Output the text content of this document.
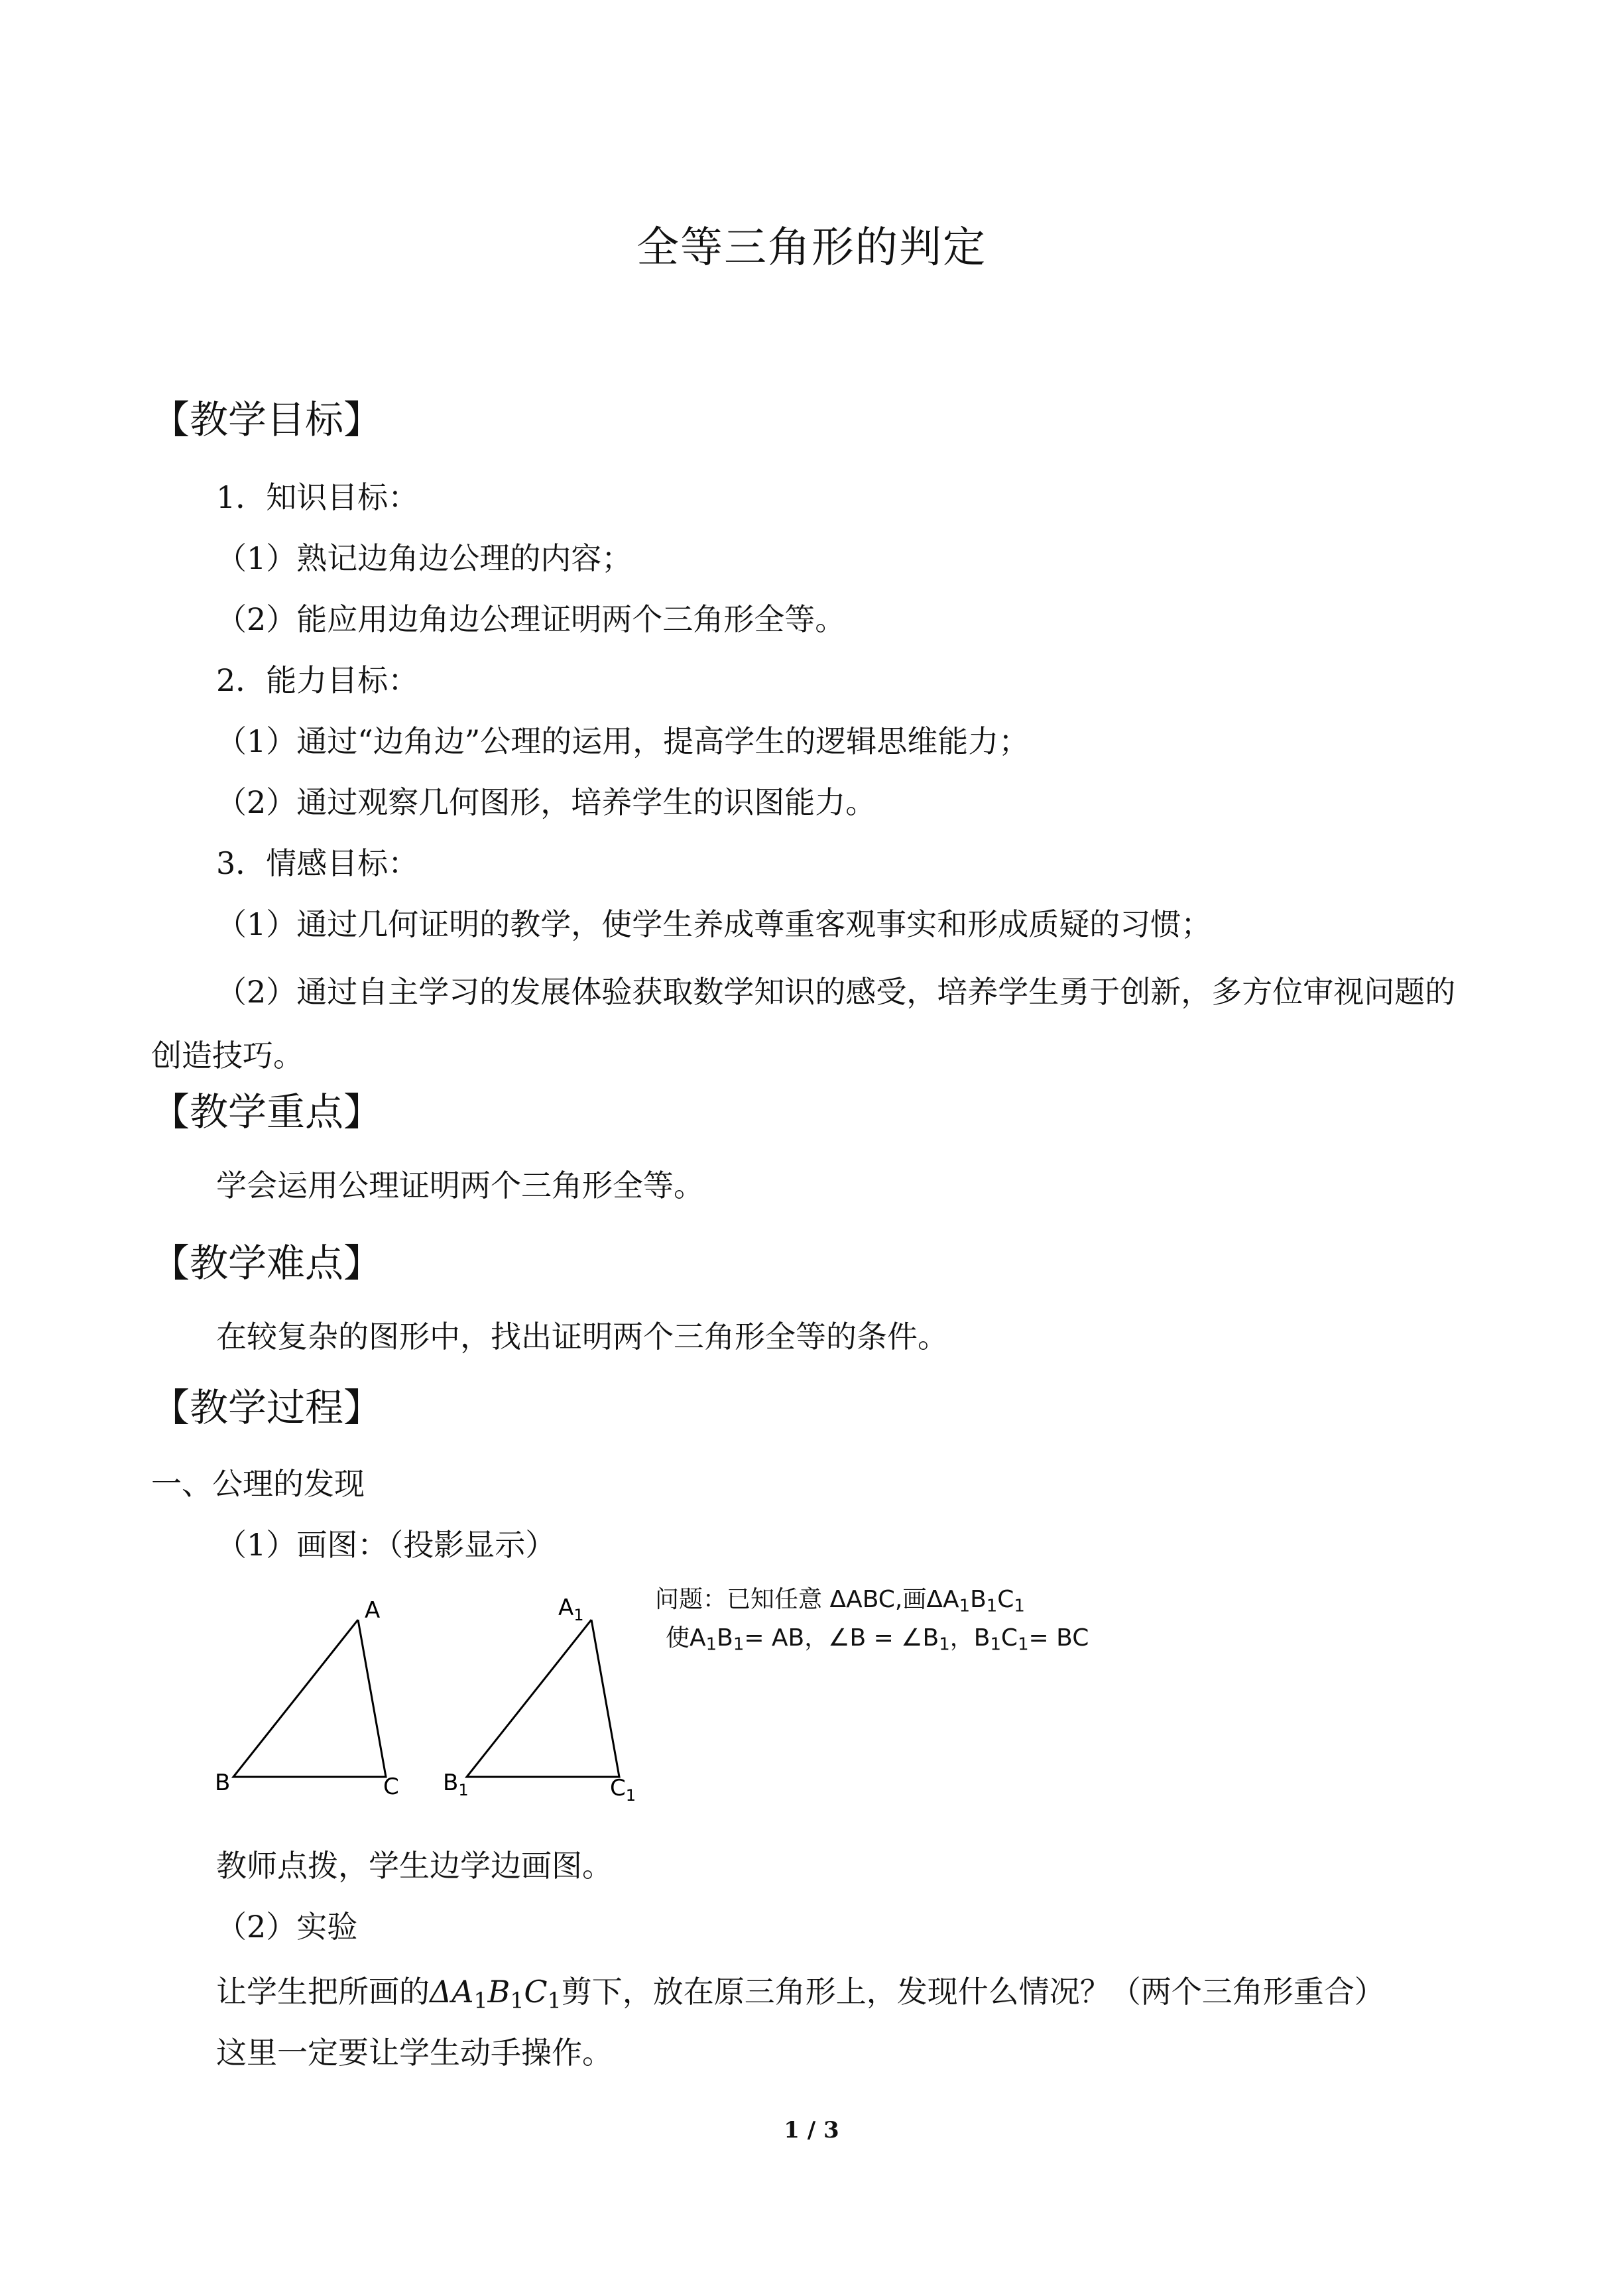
全等三角形的判定
【教学目标】
1．知识目标：
（1）熟记边角边公理的内容；
（2）能应用边角边公理证明两个三角形全等。
2．能力目标：
（1）通过“边角边”公理的运用，提高学生的逻辑思维能力；
（2）通过观察几何图形，培养学生的识图能力。
3．情感目标：
（1）通过几何证明的教学，使学生养成尊重客观事实和形成质疑的习惯；
（2）通过自主学习的发展体验获取数学知识的感受，培养学生勇于创新，多方位审视问题的创造技巧。
【教学重点】
学会运用公理证明两个三角形全等。
【教学难点】
在较复杂的图形中，找出证明两个三角形全等的条件。
【教学过程】
一、公理的发现
（1）画图：（投影显示）
A
B	C
$A_1$
$B_1$	$C_1$
问题：已知任意 ΔABC,画$\Delta A_1B_1C_1$
使$A_1B_1=$ AB，∠B = $\angle B_1$，$B_1C_1=$ BC
教师点拨，学生边学边画图。
（2）实验
让学生把所画的$\Delta A_1B_1C_1$剪下，放在原三角形上，发现什么情况？（两个三角形重合）
这里一定要让学生动手操作。
1 / 3
